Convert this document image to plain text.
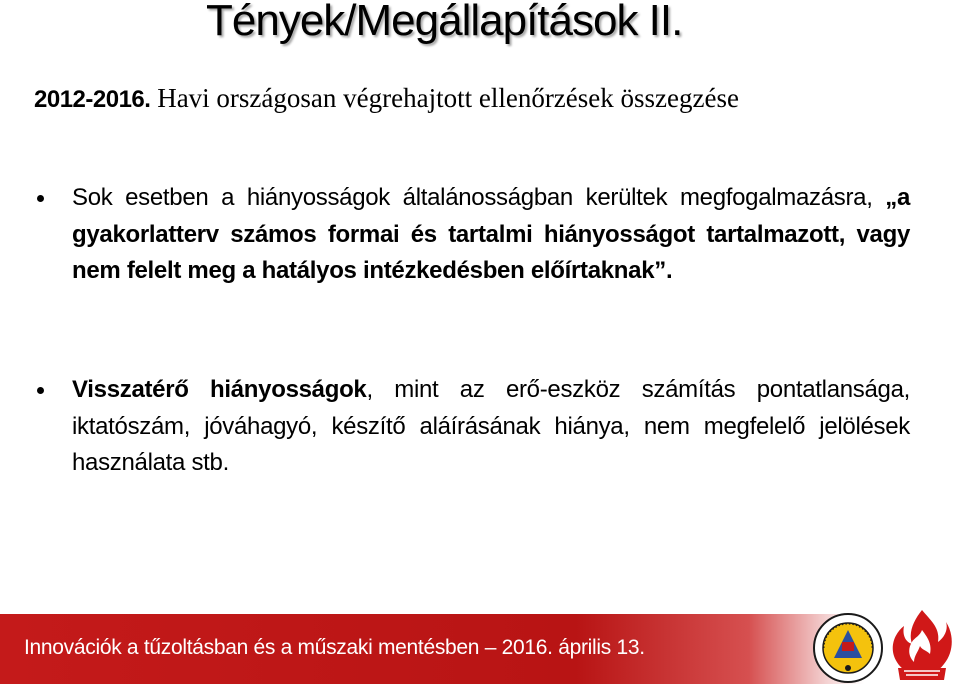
Tények/Megállapítások II.
2012-2016. Havi országosan végrehajtott ellenőrzések összegzése
Sok esetben a hiányosságok általánosságban kerültek megfogalmazásra, „a gyakorlatterv számos formai és tartalmi hiányosságot tartalmazott, vagy nem felelt meg a hatályos intézkedésben előírtaknak”.
Visszatérő hiányosságok, mint az erő-eszköz számítás pontatlansága, iktatószám, jóváhagyó, készítő aláírásának hiánya, nem megfelelő jelölések használata stb.
Innovációk a tűzoltásban és a műszaki mentésben – 2016. április 13.
